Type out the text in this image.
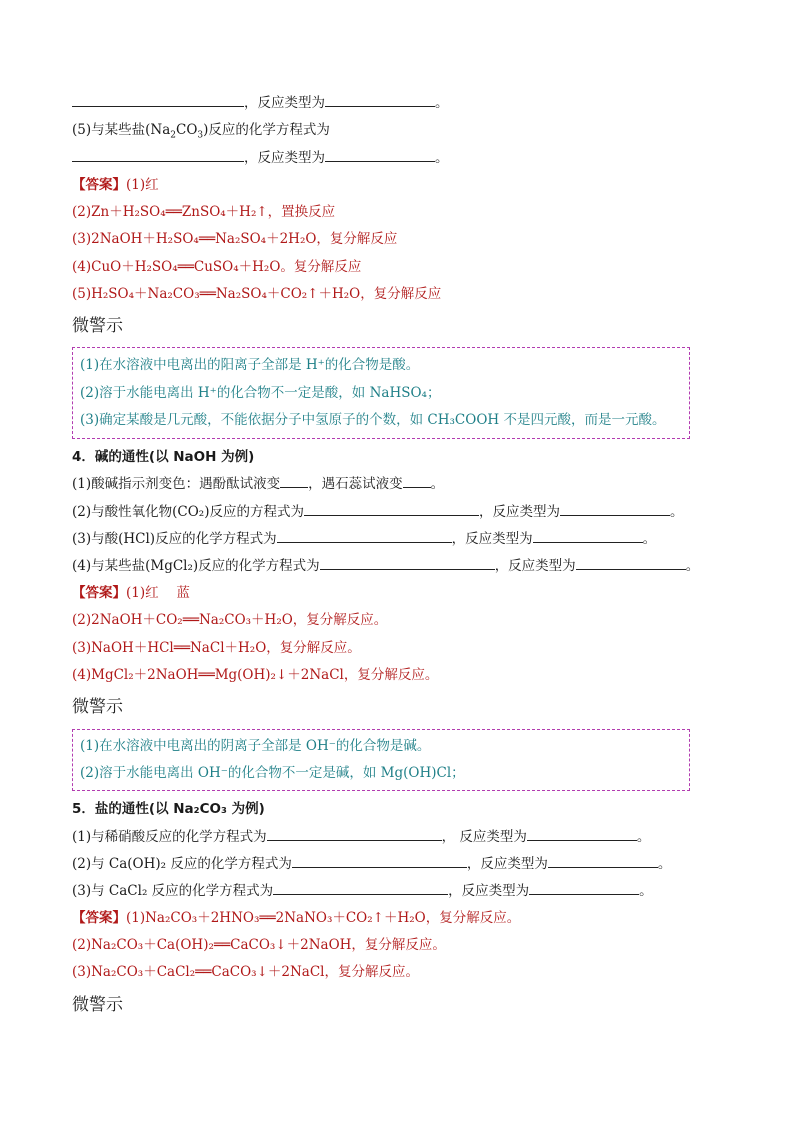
，反应类型为	。
(5)与某些盐$(Na_2CO_3)$反应的化学方程式为
，反应类型为	。
【答案】(1)红
(2)Zn＋H₂SO₄══ZnSO₄＋H₂↑，置换反应
(3)2NaOH＋H₂SO₄══Na₂SO₄＋2H₂O，复分解反应
(4)CuO＋H₂SO₄══CuSO₄＋H₂O。复分解反应
(5)H₂SO₄＋Na₂CO₃══Na₂SO₄＋CO₂↑＋H₂O，复分解反应
微警示
(1)在水溶液中电离出的阳离子全部是 H⁺的化合物是酸。
(2)溶于水能电离出 H⁺的化合物不一定是酸，如 NaHSO₄；
(3)确定某酸是几元酸，不能依据分子中氢原子的个数，如 CH₃COOH 不是四元酸，而是一元酸。
4．碱的通性(以 NaOH 为例)
(1)酸碱指示剂变色：遇酚酞试液变 ，遇石蕊试液变 。
(2)与酸性氧化物(CO₂)反应的方程式为	，反应类型为	。
(3)与酸(HCl)反应的化学方程式为	，反应类型为	。
(4)与某些盐(MgCl₂)反应的化学方程式为	，反应类型为	。
【答案】(1)红　 蓝
(2)2NaOH＋CO₂══Na₂CO₃＋H₂O，复分解反应。
(3)NaOH＋HCl══NaCl＋H₂O，复分解反应。
(4)MgCl₂＋2NaOH══Mg(OH)₂↓＋2NaCl，复分解反应。
微警示
(1)在水溶液中电离出的阴离子全部是 OH⁻的化合物是碱。
(2)溶于水能电离出 OH⁻的化合物不一定是碱，如 Mg(OH)Cl；
5．盐的通性(以 Na₂CO₃ 为例)
(1)与稀硝酸反应的化学方程式为	， 反应类型为	。
(2)与 Ca(OH)₂ 反应的化学方程式为	，反应类型为	。
(3)与 CaCl₂ 反应的化学方程式为	，反应类型为	。
【答案】(1)Na₂CO₃＋2HNO₃══2NaNO₃＋CO₂↑＋H₂O，复分解反应。
(2)Na₂CO₃＋Ca(OH)₂══CaCO₃↓＋2NaOH，复分解反应。
(3)Na₂CO₃＋CaCl₂══CaCO₃↓＋2NaCl，复分解反应。
微警示
